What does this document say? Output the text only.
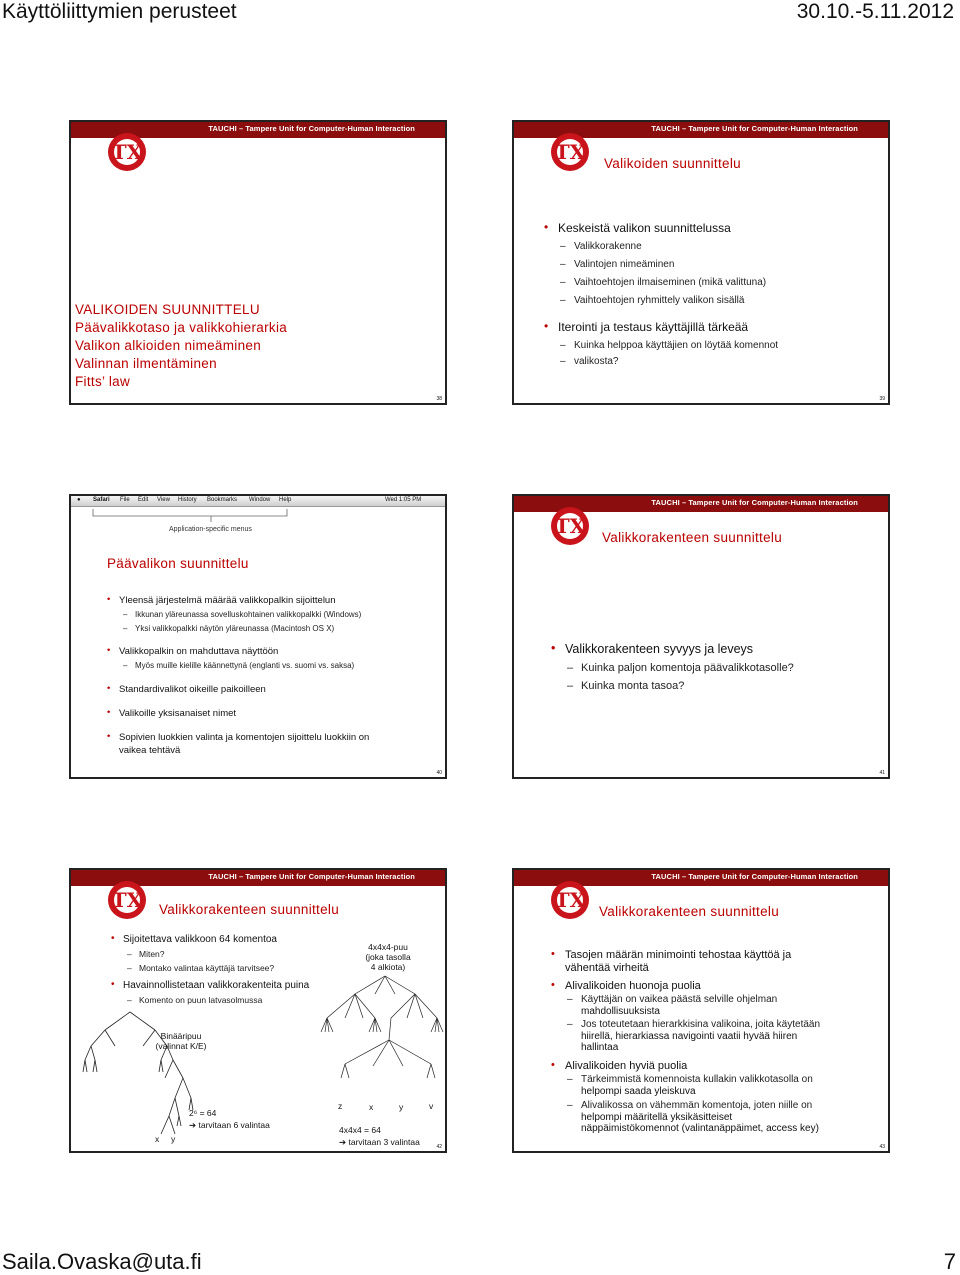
Käyttöliittymien perusteet	30.10.-5.11.2012
TAUCHI – Tampere Unit for Computer-Human Interaction
TX
VALIKOIDEN SUUNNITTELU
Päävalikkotaso ja valikkohierarkia
Valikon alkioiden nimeäminen
Valinnan ilmentäminen
Fitts’ law
38
TAUCHI – Tampere Unit for Computer-Human Interaction
TX Valikoiden suunnittelu
• Keskeistä valikon suunnittelussa
– Valikkorakenne
– Valintojen nimeäminen
– Vaihtoehtojen ilmaiseminen (mikä valittuna)
– Vaihtoehtojen ryhmittely valikon sisällä
• Iterointi ja testaus käyttäjillä tärkeää
– Kuinka helppoa käyttäjien on löytää komennot
– valikosta?
39
● Safari File Edit View History Bookmarks Window Help	Wed 1:05 PM
Application-specific menus
Päävalikon suunnittelu
• Yleensä järjestelmä määrää valikkopalkin sijoittelun
– Ikkunan yläreunassa sovelluskohtainen valikkopalkki (Windows)
– Yksi valikkopalkki näytön yläreunassa (Macintosh OS X)
• Valikkopalkin on mahduttava näyttöön
– Myös muille kielille käännettynä (englanti vs. suomi vs. saksa)
• Standardivalikot oikeille paikoilleen
• Valikoille yksisanaiset nimet
• Sopivien luokkien valinta ja komentojen sijoittelu luokkiin on
vaikea tehtävä
40
TAUCHI – Tampere Unit for Computer-Human Interaction
TX Valikkorakenteen suunnittelu
• Valikkorakenteen syvyys ja leveys
– Kuinka paljon komentoja päävalikkotasolle?
– Kuinka monta tasoa?
41
TAUCHI – Tampere Unit for Computer-Human Interaction
TX Valikkorakenteen suunnittelu
• Sijoitettava valikkoon 64 komentoa
– Miten?
– Montako valintaa käyttäjä tarvitsee?
• Havainnollistetaan valikkorakenteita puina
– Komento on puun latvasolmussa
Binääripuu
(valinnat K/E)
4x4x4-puu
(joka tasolla
4 alkiota)
x y
2⁶ = 64
➔ tarvitaan 6 valintaa
z	x	y	v
4x4x4 = 64
➔ tarvitaan 3 valintaa	42
TAUCHI – Tampere Unit for Computer-Human Interaction
TX Valikkorakenteen suunnittelu
• Tasojen määrän minimointi tehostaa käyttöä ja
vähentää virheitä
• Alivalikoiden huonoja puolia
– Käyttäjän on vaikea päästä selville ohjelman
mahdollisuuksista
– Jos toteutetaan hierarkkisina valikoina, joita käytetään
hiirellä, hierarkiassa navigointi vaatii hyvää hiiren
hallintaa
• Alivalikoiden hyviä puolia
– Tärkeimmistä komennoista kullakin valikkotasolla on
helpompi saada yleiskuva
– Alivalikossa on vähemmän komentoja, joten niille on
helpompi määritellä yksikäsitteiset
näppäimistökomennot (valintanäppäimet, access key)
43
Saila.Ovaska@uta.fi	7
